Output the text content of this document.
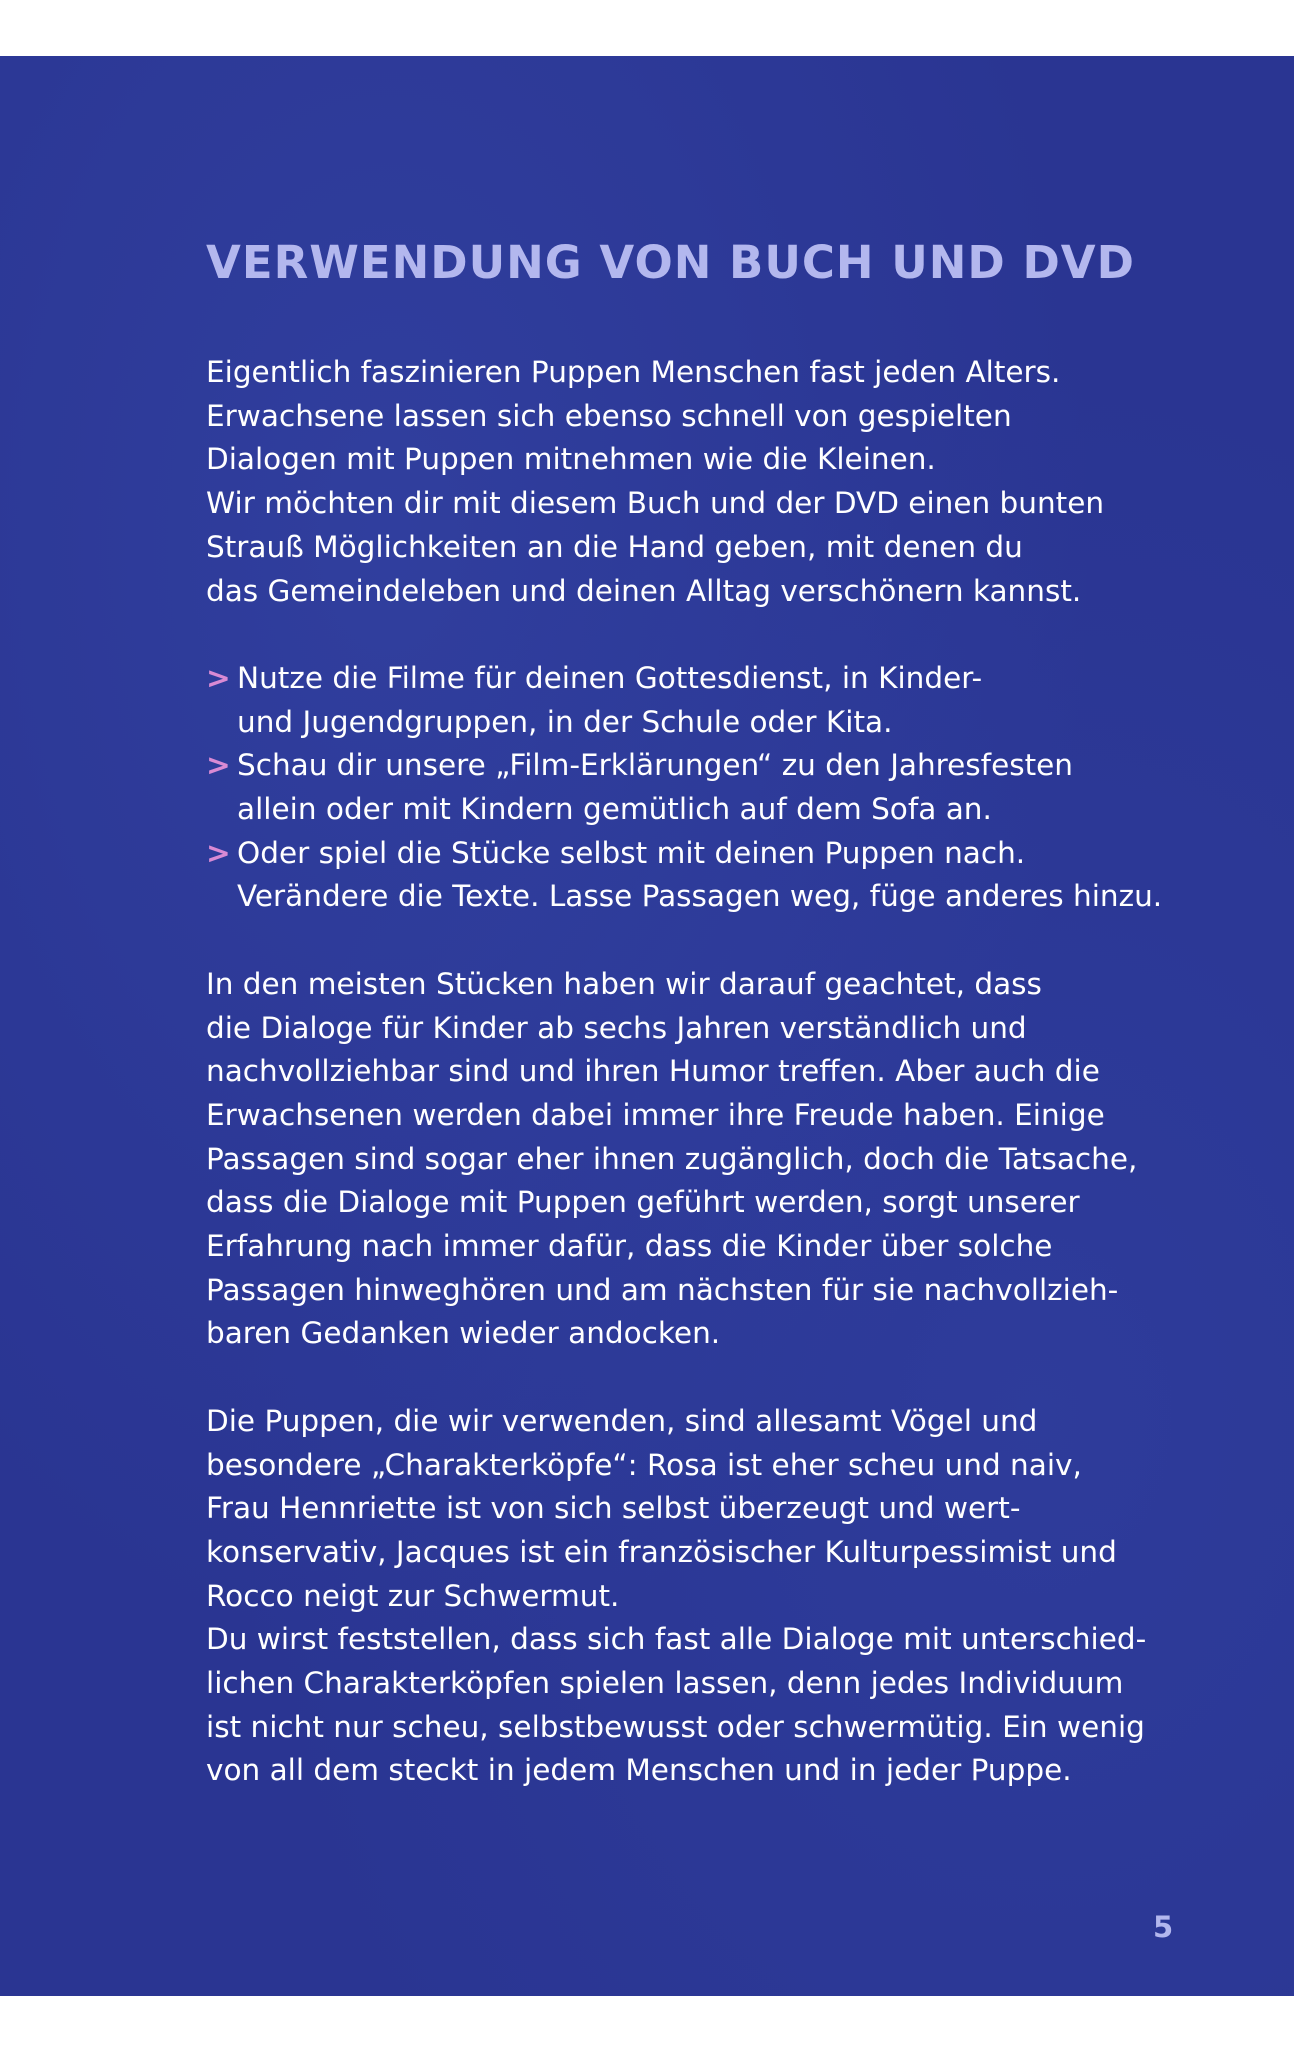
VERWENDUNG VON BUCH UND DVD

Eigentlich faszinieren Puppen Menschen fast jeden Alters.
Erwachsene lassen sich ebenso schnell von gespielten
Dialogen mit Puppen mitnehmen wie die Kleinen.
Wir möchten dir mit diesem Buch und der DVD einen bunten
Strauß Möglichkeiten an die Hand geben, mit denen du
das Gemeindeleben und deinen Alltag verschönern kannst.

> Nutze die Filme für deinen Gottesdienst, in Kinder-
und Jugendgruppen, in der Schule oder Kita.
> Schau dir unsere „Film-Erklärungen“ zu den Jahresfesten
allein oder mit Kindern gemütlich auf dem Sofa an.
> Oder spiel die Stücke selbst mit deinen Puppen nach.
Verändere die Texte. Lasse Passagen weg, füge anderes hinzu.

In den meisten Stücken haben wir darauf geachtet, dass
die Dialoge für Kinder ab sechs Jahren verständlich und
nachvollziehbar sind und ihren Humor treffen. Aber auch die
Erwachsenen werden dabei immer ihre Freude haben. Einige
Passagen sind sogar eher ihnen zugänglich, doch die Tatsache,
dass die Dialoge mit Puppen geführt werden, sorgt unserer
Erfahrung nach immer dafür, dass die Kinder über solche
Passagen hinweghören und am nächsten für sie nachvollzieh-
baren Gedanken wieder andocken.

Die Puppen, die wir verwenden, sind allesamt Vögel und
besondere „Charakterköpfe“: Rosa ist eher scheu und naiv,
Frau Hennriette ist von sich selbst überzeugt und wert-
konservativ, Jacques ist ein französischer Kulturpessimist und
Rocco neigt zur Schwermut.
Du wirst feststellen, dass sich fast alle Dialoge mit unterschied-
lichen Charakterköpfen spielen lassen, denn jedes Individuum
ist nicht nur scheu, selbstbewusst oder schwermütig. Ein wenig
von all dem steckt in jedem Menschen und in jeder Puppe.

5
